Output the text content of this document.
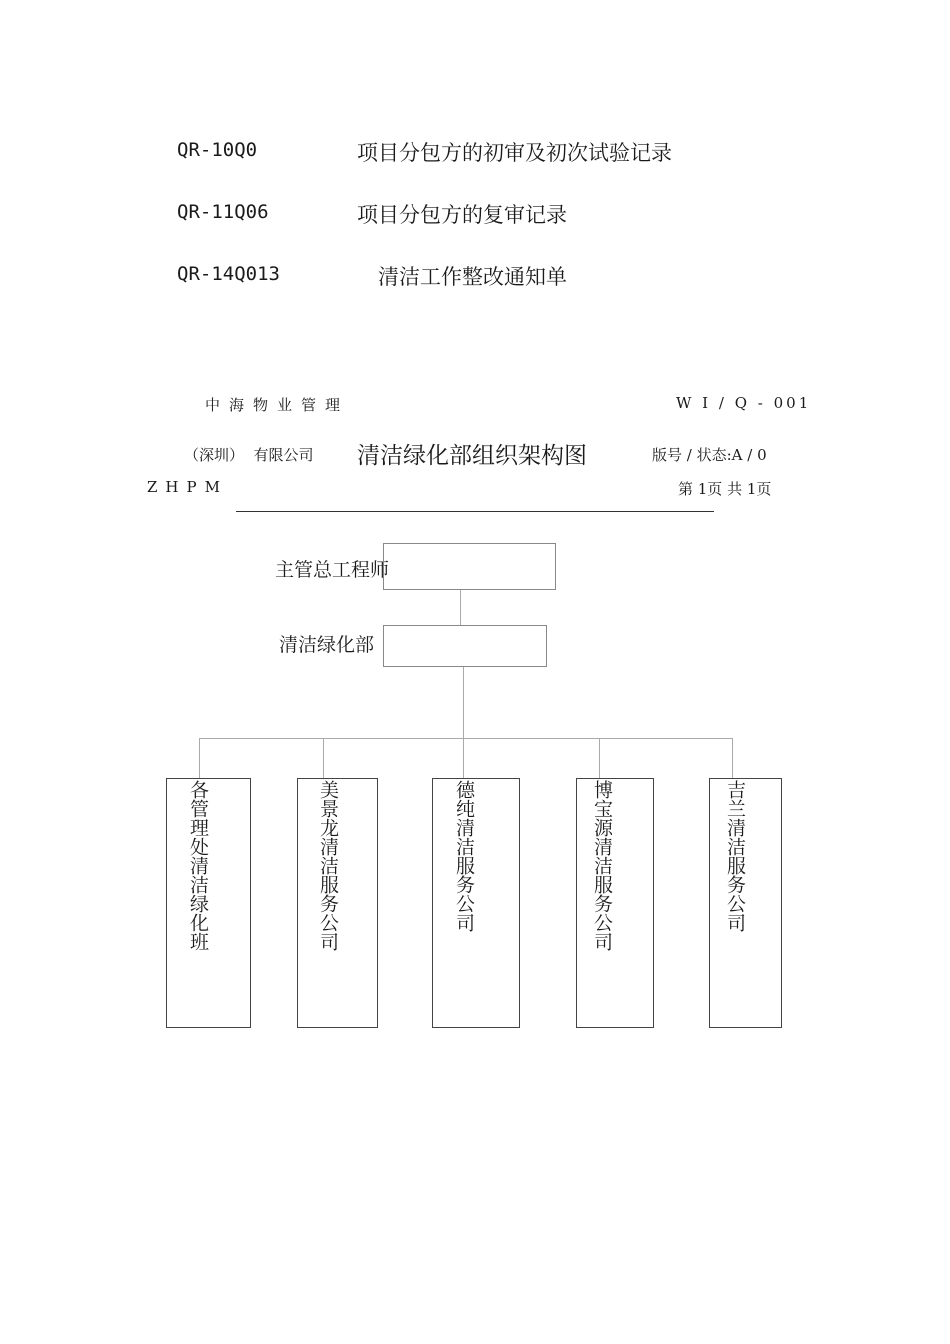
QR-10Q0	项目分包方的初审及初次试验记录
QR-11Q06	项目分包方的复审记录
QR-14Q013	清洁工作整改通知单
中海物业管理	W I / Q - 001
（深圳）  有限公司 清洁绿化部组织架构图	版号 / 状态:A / 0
ZHPM	第 1页 共 1页
主管总工程师
清洁绿化部
各管理处清洁绿化班	美景龙清洁服务公司	德纯清洁服务公司	博宝源清洁服务公司	吉兰清洁服务公司
